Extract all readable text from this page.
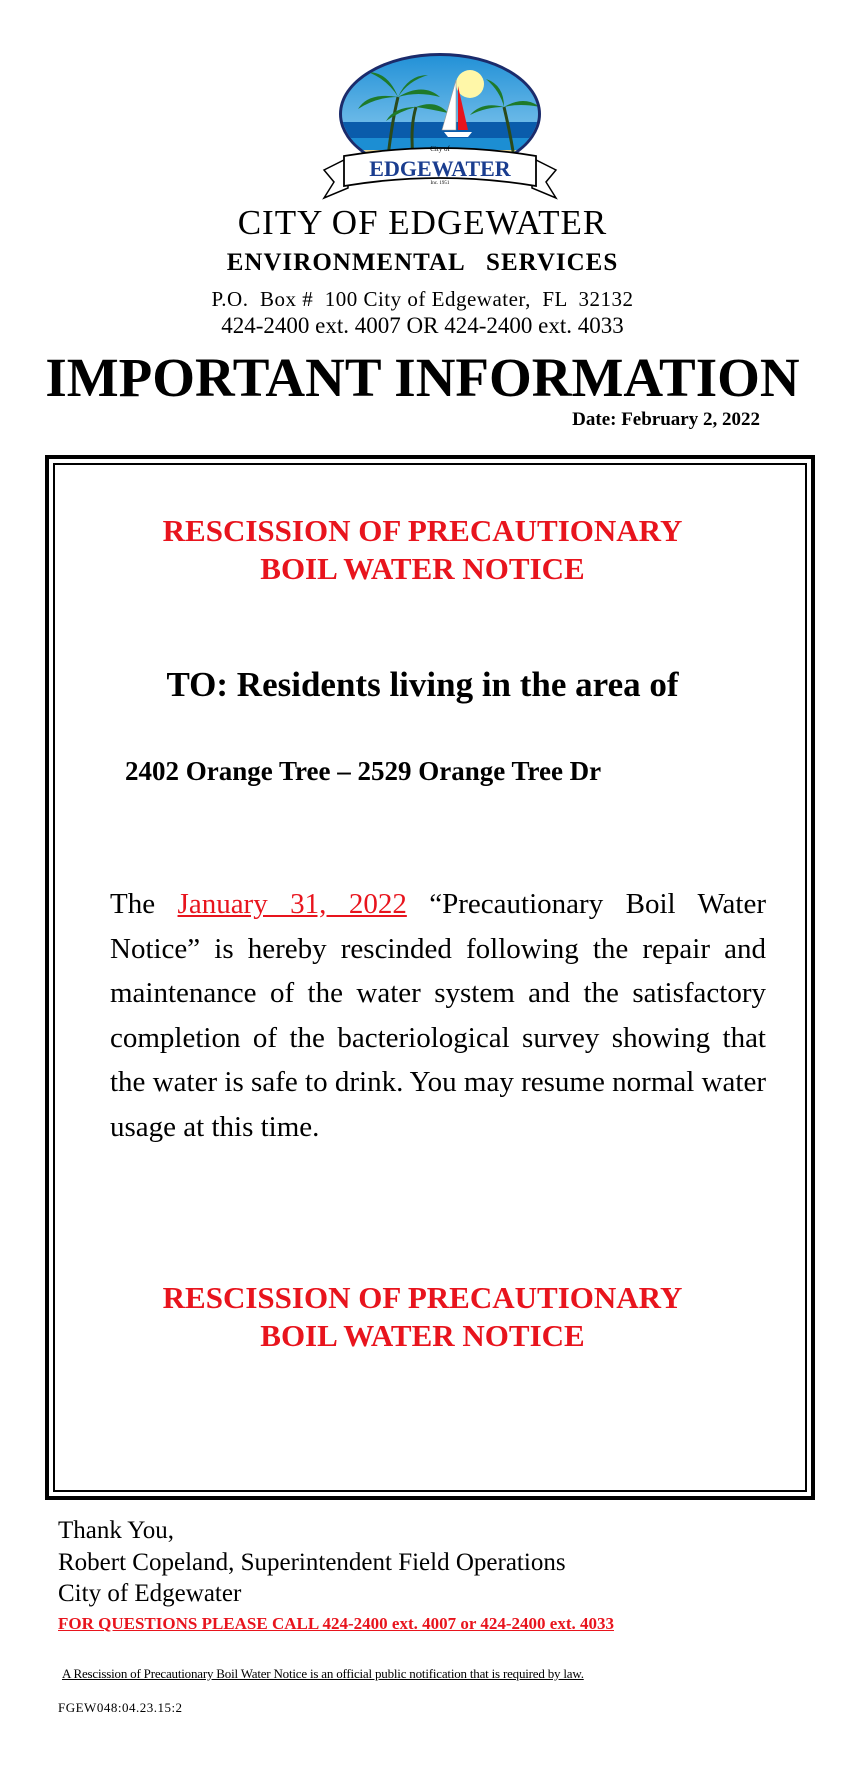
City of
EDGEWATER
Inc. 1951
CITY OF EDGEWATER
ENVIRONMENTAL   SERVICES
P.O.  Box #  100 City of Edgewater,  FL  32132
424-2400 ext. 4007 OR 424-2400 ext. 4033
IMPORTANT INFORMATION
Date: February 2, 2022
RESCISSION OF PRECAUTIONARY
BOIL WATER NOTICE
TO: Residents living in the area of
2402 Orange Tree – 2529 Orange Tree Dr
The January 31, 2022 “Precautionary Boil Water Notice” is hereby rescinded following the repair and maintenance of the water system and the satisfactory completion of the bacteriological survey showing that the water is safe to drink. You may resume normal water usage at this time.
RESCISSION OF PRECAUTIONARY
BOIL WATER NOTICE
Thank You,
Robert Copeland, Superintendent Field Operations
City of Edgewater
FOR QUESTIONS PLEASE CALL 424-2400 ext. 4007 or 424-2400 ext. 4033
A Rescission of Precautionary Boil Water Notice is an official public notification that is required by law.
FGEW048:04.23.15:2
